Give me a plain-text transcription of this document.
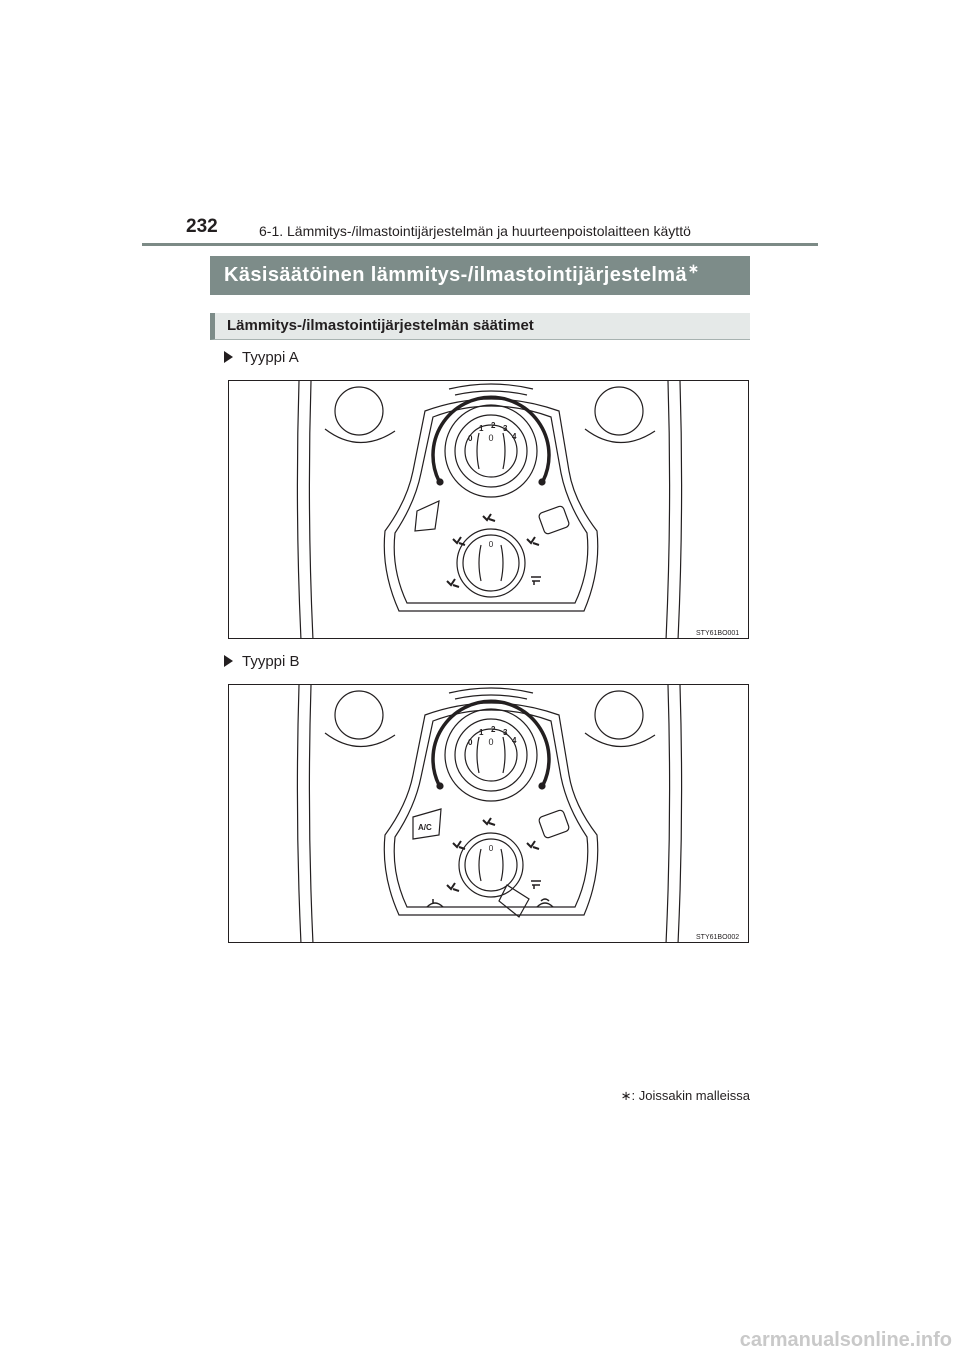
232	6-1. Lämmitys-/ilmastointijärjestelmän ja huurteenpoistolaitteen käyttö
Käsisäätöinen lämmitys-/ilmastointijärjestelmä∗
Lämmitys-/ilmastointijärjestelmän säätimet
Tyyppi A
0
0
1 2 3
4
0
STY61BO001
Tyyppi B
0
0
1 2 3
4
A/C
0
STY61BO002
∗: Joissakin malleissa
carmanualsonline.info
